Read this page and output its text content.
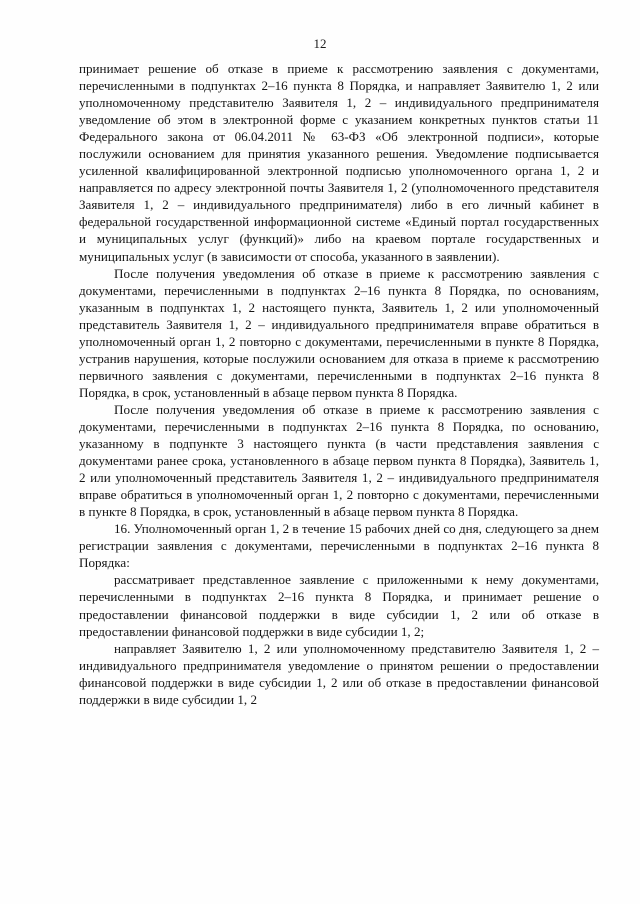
12

принимает решение об отказе в приеме к рассмотрению заявления с документами, перечисленными в подпунктах 2–16 пункта 8 Порядка, и направляет Заявителю 1, 2 или уполномоченному представителю Заявителя 1, 2 – индивидуального предпринимателя уведомление об этом в электронной форме с указанием конкретных пунктов статьи 11 Федерального закона от 06.04.2011 № 63-ФЗ «Об электронной подписи», которые послужили основанием для принятия указанного решения. Уведомление подписывается усиленной квалифицированной электронной подписью уполномоченного органа 1, 2 и направляется по адресу электронной почты Заявителя 1, 2 (уполномоченного представителя Заявителя 1, 2 – индивидуального предпринимателя) либо в его личный кабинет в федеральной государственной информационной системе «Единый портал государственных и муниципальных услуг (функций)» либо на краевом портале государственных и муниципальных услуг (в зависимости от способа, указанного в заявлении).

После получения уведомления об отказе в приеме к рассмотрению заявления с документами, перечисленными в подпунктах 2–16 пункта 8 Порядка, по основаниям, указанным в подпунктах 1, 2 настоящего пункта, Заявитель 1, 2 или уполномоченный представитель Заявителя 1, 2 – индивидуального предпринимателя вправе обратиться в уполномоченный орган 1, 2 повторно с документами, перечисленными в пункте 8 Порядка, устранив нарушения, которые послужили основанием для отказа в приеме к рассмотрению первичного заявления с документами, перечисленными в подпунктах 2–16 пункта 8 Порядка, в срок, установленный в абзаце первом пункта 8 Порядка.

После получения уведомления об отказе в приеме к рассмотрению заявления с документами, перечисленными в подпунктах 2–16 пункта 8 Порядка, по основанию, указанному в подпункте 3 настоящего пункта (в части представления заявления с документами ранее срока, установленного в абзаце первом пункта 8 Порядка), Заявитель 1, 2 или уполномоченный представитель Заявителя 1, 2 – индивидуального предпринимателя вправе обратиться в уполномоченный орган 1, 2 повторно с документами, перечисленными в пункте 8 Порядка, в срок, установленный в абзаце первом пункта 8 Порядка.

16. Уполномоченный орган 1, 2 в течение 15 рабочих дней со дня, следующего за днем регистрации заявления с документами, перечисленными в подпунктах 2–16 пункта 8 Порядка:

рассматривает представленное заявление с приложенными к нему документами, перечисленными в подпунктах 2–16 пункта 8 Порядка, и принимает решение о предоставлении финансовой поддержки в виде субсидии 1, 2 или об отказе в предоставлении финансовой поддержки в виде субсидии 1, 2;

направляет Заявителю 1, 2 или уполномоченному представителю Заявителя 1, 2 – индивидуального предпринимателя уведомление о принятом решении о предоставлении финансовой поддержки в виде субсидии 1, 2 или об отказе в предоставлении финансовой поддержки в виде субсидии 1, 2
